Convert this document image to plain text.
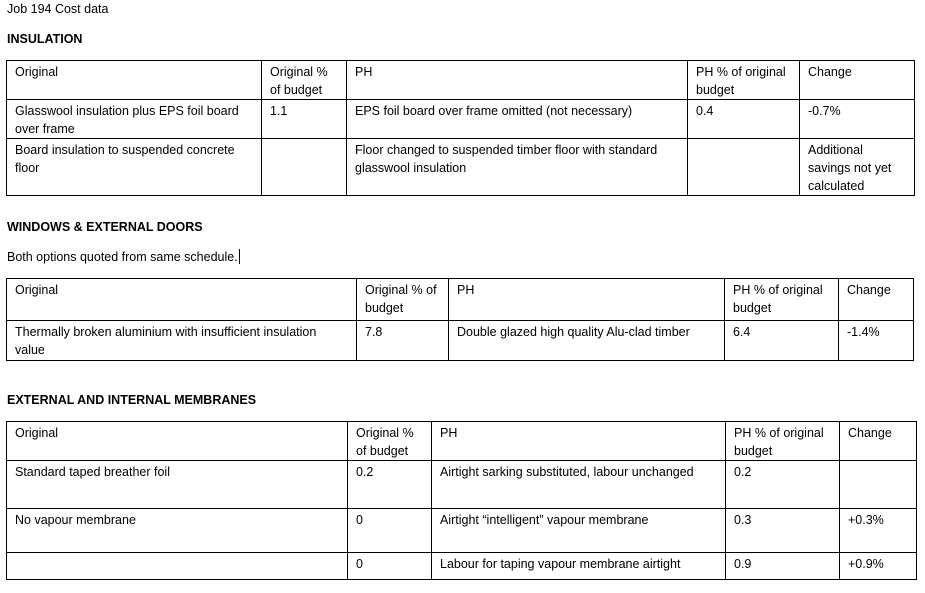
Job 194 Cost data
INSULATION
Original	Original % of budget	PH	PH % of original budget	Change
Glasswool insulation plus EPS foil board over frame	1.1	EPS foil board over frame omitted (not necessary)	0.4	-0.7%
Board insulation to suspended concrete floor		Floor changed to suspended timber floor with standard glasswool insulation		Additional savings not yet calculated
WINDOWS & EXTERNAL DOORS
Both options quoted from same schedule.
Original	Original % of budget	PH	PH % of original budget	Change
Thermally broken aluminium with insufficient insulation value	7.8	Double glazed high quality Alu-clad timber	6.4	-1.4%
EXTERNAL AND INTERNAL MEMBRANES
Original	Original % of budget	PH	PH % of original budget	Change
Standard taped breather foil	0.2	Airtight sarking substituted, labour unchanged	0.2	
No vapour membrane	0	Airtight “intelligent” vapour membrane	0.3	+0.3%
	0	Labour for taping vapour membrane airtight	0.9	+0.9%
